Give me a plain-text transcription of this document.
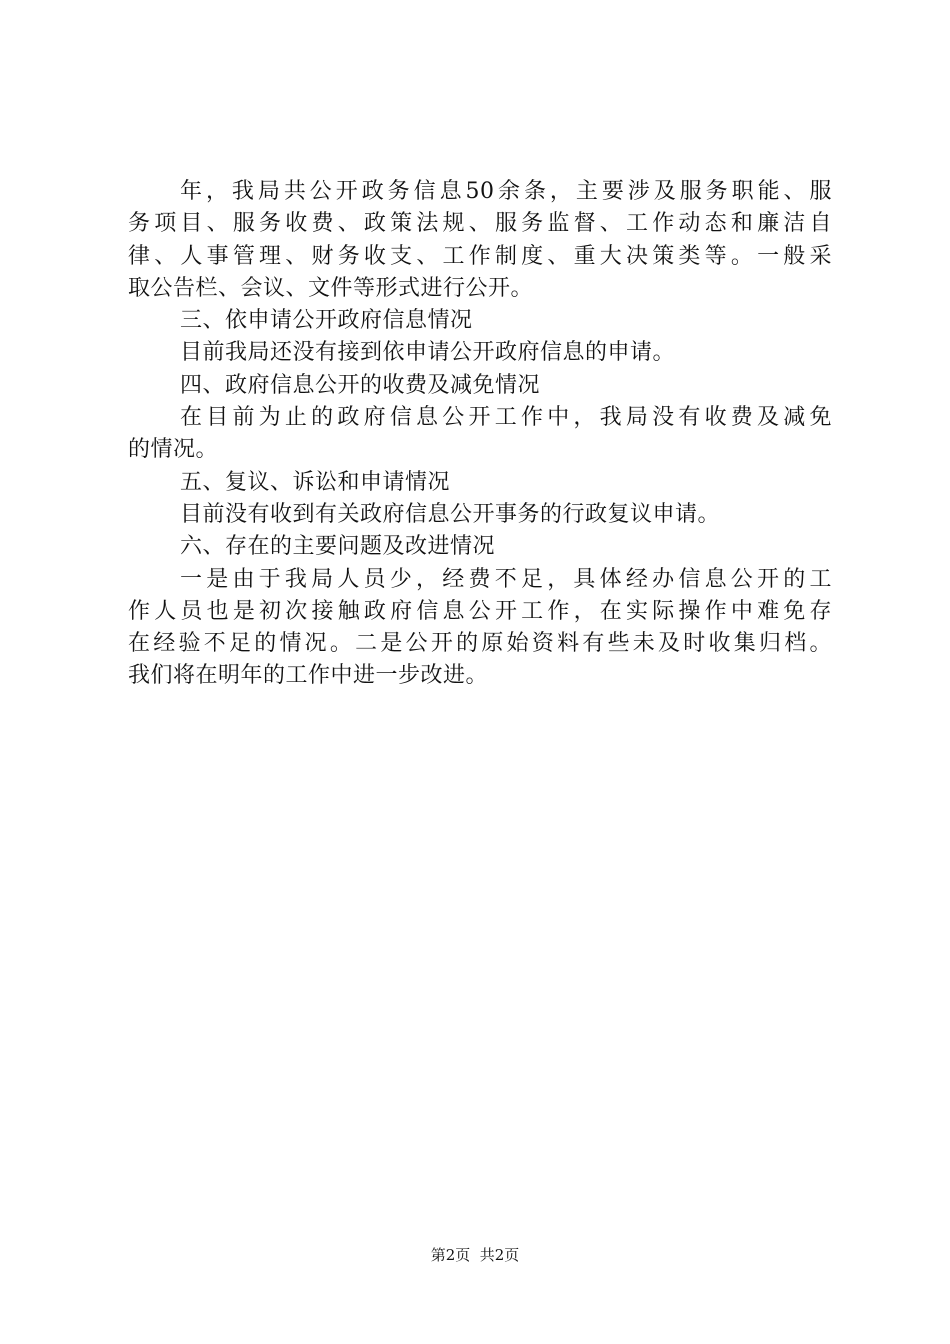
年，我局共公开政务信息50余条，主要涉及服务职能、服
务项目、服务收费、政策法规、服务监督、工作动态和廉洁自
律、人事管理、财务收支、工作制度、重大决策类等。一般采
取公告栏、会议、文件等形式进行公开。
三、依申请公开政府信息情况
目前我局还没有接到依申请公开政府信息的申请。
四、政府信息公开的收费及减免情况
在目前为止的政府信息公开工作中，我局没有收费及减免
的情况。
五、复议、诉讼和申请情况
目前没有收到有关政府信息公开事务的行政复议申请。
六、存在的主要问题及改进情况
一是由于我局人员少，经费不足，具体经办信息公开的工
作人员也是初次接触政府信息公开工作，在实际操作中难免存
在经验不足的情况。二是公开的原始资料有些未及时收集归档。
我们将在明年的工作中进一步改进。
第2页  共2页
